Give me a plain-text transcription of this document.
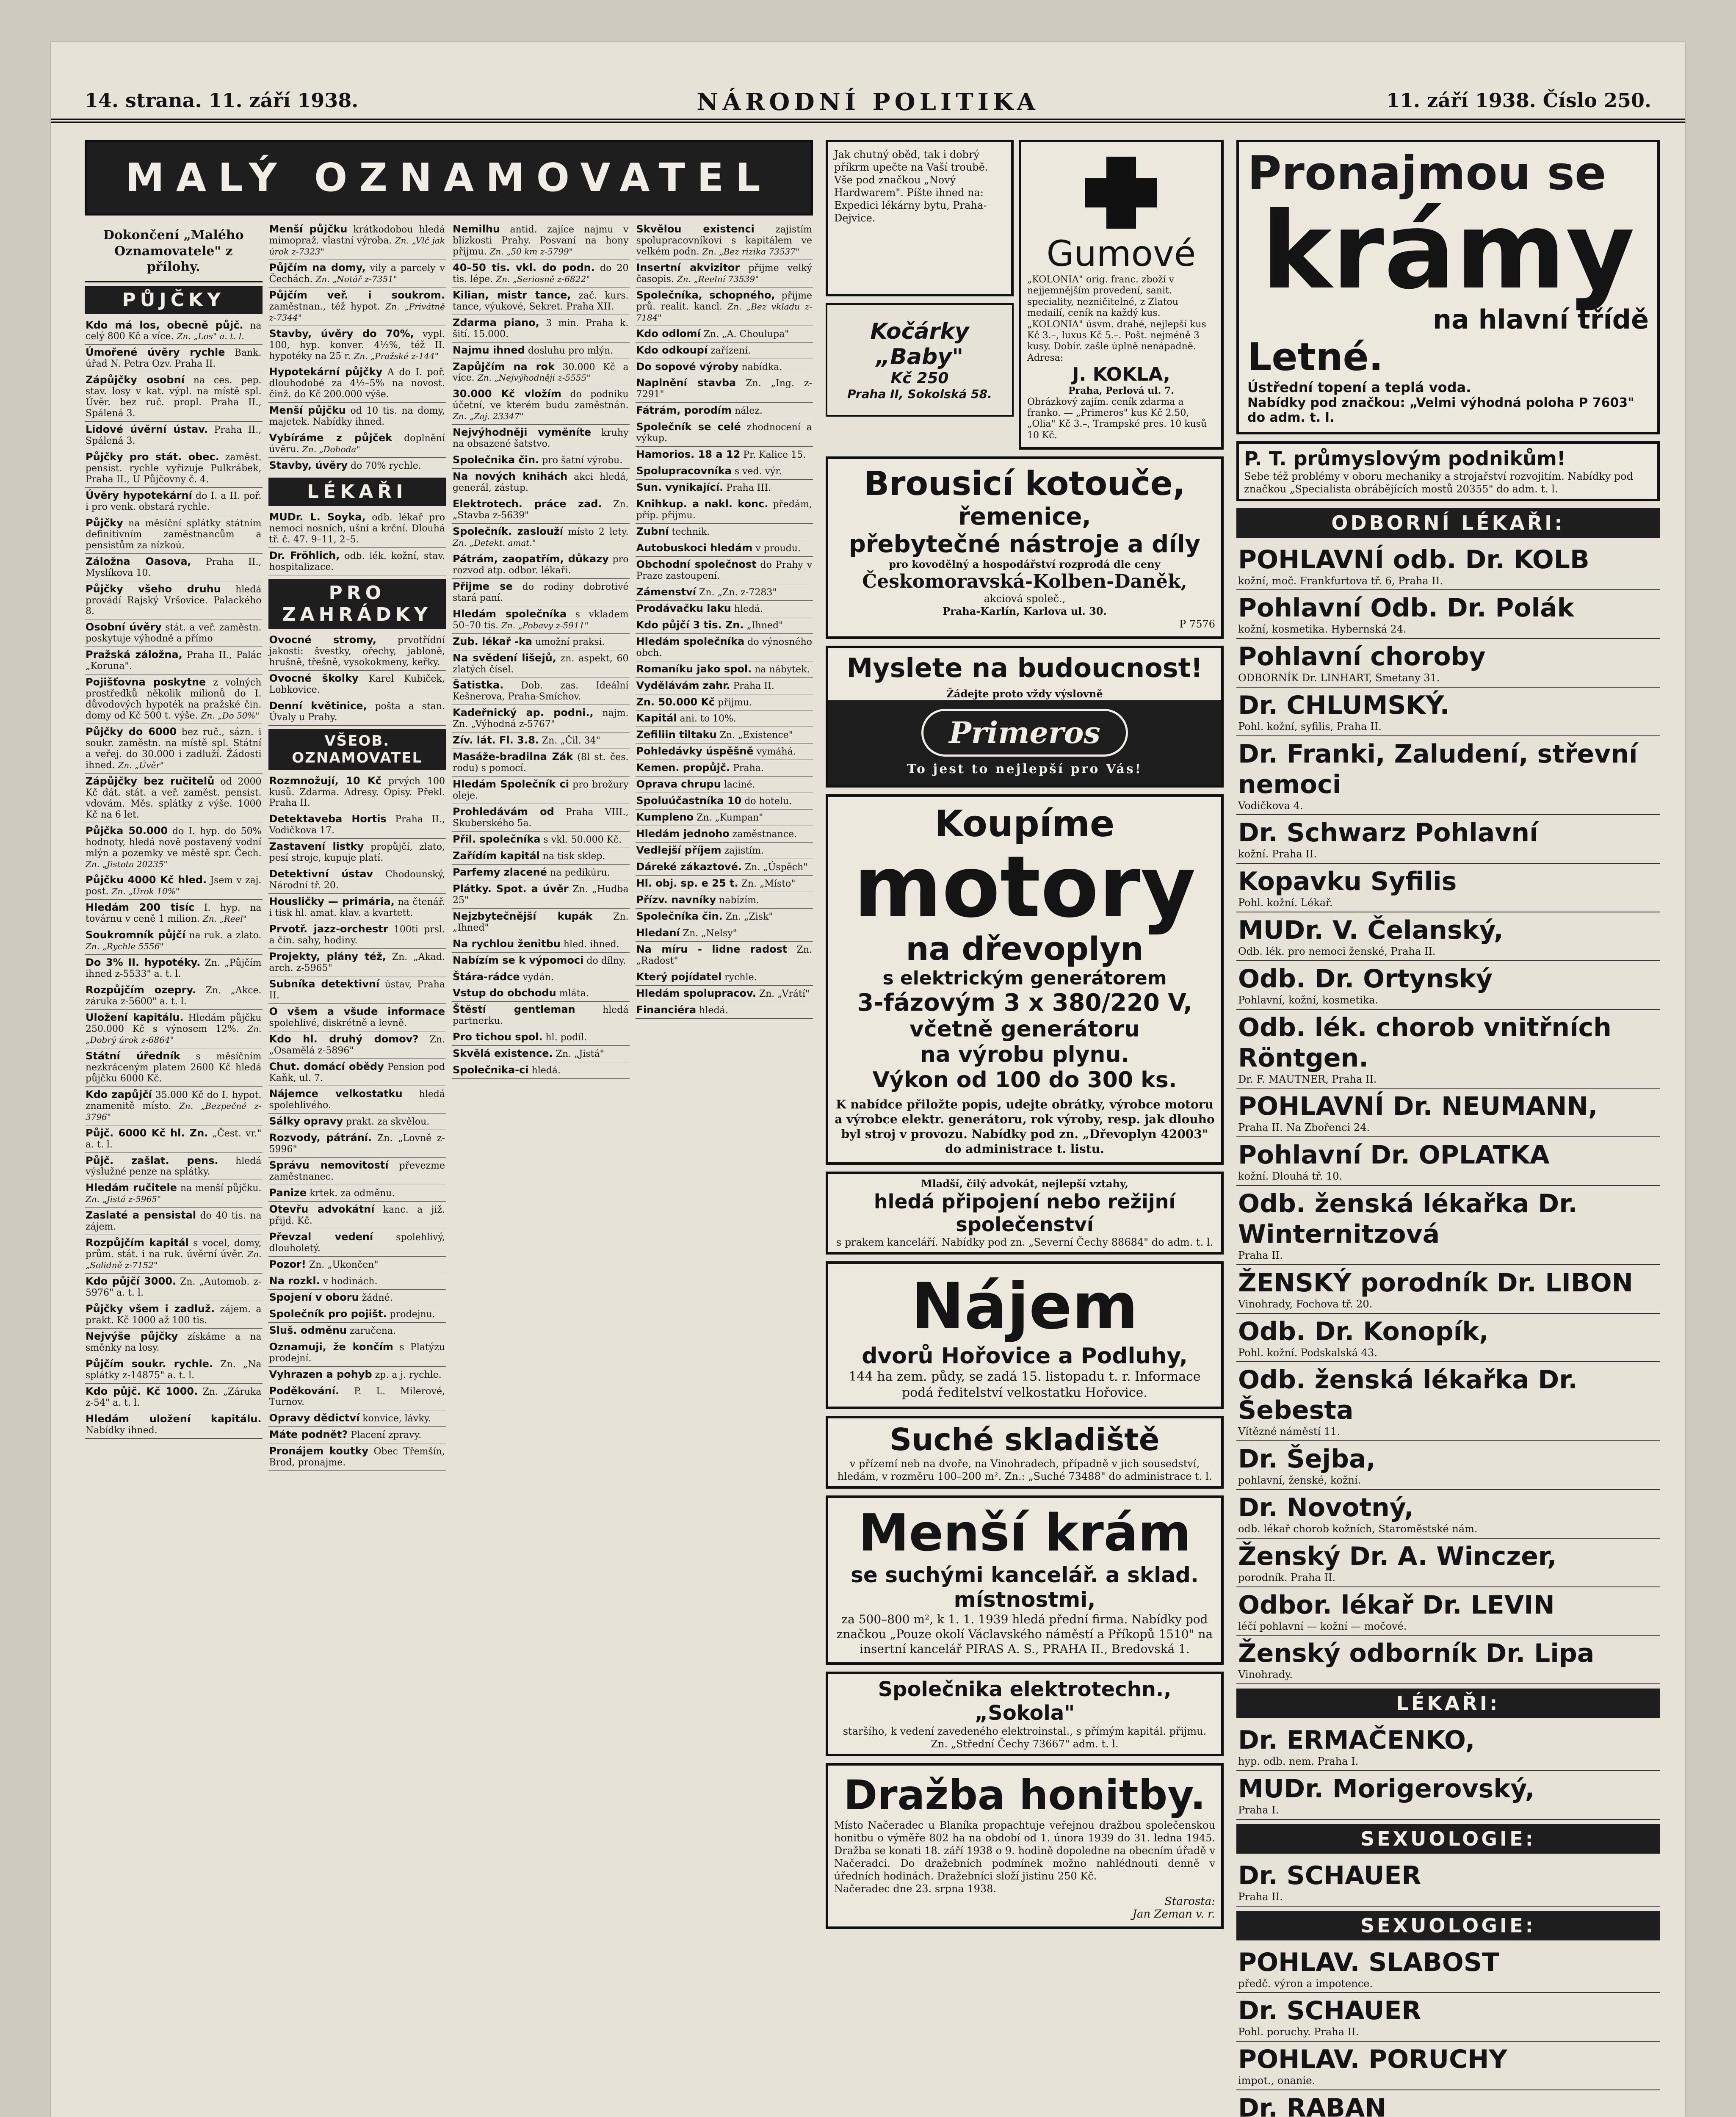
14. strana. 11. září 1938.	NÁRODNÍ POLITIKA	11. září 1938. Číslo 250.
MALÝ OZNAMOVATEL
Dokončení „Malého Oznamovatele" z přílohy.
PŮJČKY
Kdo má los, obecně půjč. na celý 800 Kč a více. Zn. „Los" a. t. l.
Úmořené úvěry rychle Bank. úřad N. Petra Ozv. Praha II.
Zápůjčky osobní na ces. pep. stav. losy v kat. výpl. na místě spl. Úvěr. bez ruč. propl. Praha II., Spálená 3.
Lidové úvěrní ústav. Praha II., Spálená 3.
Půjčky pro stát. obec. zaměst. pensist. rychle vyřizuje Pulkrábek, Praha II., U Půjčovny č. 4.
Úvěry hypotekární do I. a II. poř. i pro venk. obstará rychle.
Půjčky na měsíční splátky státním definitivním zaměstnancům a pensistům za nízkoú.
Záložna Oasova, Praha II., Myslíkova 10.
Půjčky všeho druhu hledá provádí Rajský Vršovice. Palackého 8.
Osobní úvěry stát. a veř. zaměstn. poskytuje výhodně a přímo
Pražská záložna, Praha II., Palác „Koruna".
Pojišťovna poskytne z volných prostředků několik milionů do I. důvodových hypoték na pražské čin. domy od Kč 500 t. výše. Zn. „Do 50%"
Půjčky do 6000 bez ruč., sázn. i soukr. zaměstn. na místě spl. Státní a veřej. do 30.000 i zadluží. Žádosti ihned. Zn. „Úvěr"
Zápůjčky bez ručitelů od 2000 Kč dát. stát. a veř. zaměst. pensist. vdovám. Měs. splátky z výše. 1000 Kč na 6 let.
Půjčka 50.000 do I. hyp. do 50% hodnoty, hledá nově postavený vodní mlýn a pozemky ve městě spr. Čech. Zn. „Jistota 20235"
Půjčku 4000 Kč hled. Jsem v zaj. post. Zn. „Úrok 10%"
Hledám 200 tisíc I. hyp. na továrnu v ceně 1 milion. Zn. „Reel"
Soukromník půjčí na ruk. a zlato. Zn. „Rychle 5556"
Do 3% II. hypotéky. Zn. „Půjčím ihned z-5533" a. t. l.
Rozpůjčím ozepry. Zn. „Akce. záruka z-5600" a. t. l.
Uložení kapitálu. Hledám půjčku 250.000 Kč s výnosem 12%. Zn. „Dobrý úrok z-6864"
Státní úředník s měsíčním nezkráceným platem 2600 Kč hledá půjčku 6000 Kč.
Kdo zapůjčí 35.000 Kč do I. hypot. znamenitě místo. Zn. „Bezpečné z-3796"
Půjč. 6000 Kč hl. Zn. „Čest. vr." a. t. l.
Půjč. zašlat. pens. hledá výslužné penze na splátky.
Hledám ručitele na menší půjčku. Zn. „Jistá z-5965"
Zaslaté a pensistal do 40 tis. na zájem.
Rozpůjčím kapitál s vocel, domy, prům. stát. i na ruk. úvěrní úvěr. Zn. „Solidně z-7152"
Kdo půjčí 3000. Zn. „Automob. z-5976" a. t. l.
Půjčky všem i zadluž. zájem. a prakt. Kč 1000 až 100 tis.
Nejvýše půjčky získáme a na směnky na losy.
Půjčím soukr. rychle. Zn. „Na splátky z-14875" a. t. l.
Kdo půjč. Kč 1000. Zn. „Záruka z-54" a. t. l.
Hledám uložení kapitálu. Nabídky ihned.
Menší půjčku krátkodobou hledá mimopraž. vlastní výroba. Zn. „Vlč jak úrok z-7323"
Půjčím na domy, vily a parcely v Čechách. Zn. „Notář z-7351"
Půjčím veř. i soukrom. zaměstnan., též hypot. Zn. „Privátně z-7344"
Stavby, úvěry do 70%, vypl. 100, hyp. konver. 4½%, též II. hypotéky na 25 r. Zn. „Pražské z-144"
Hypotekární půjčky A do I. poř. dlouhodobé za 4½–5% na novost. činž. do Kč 200.000 výše.
Menší půjčku od 10 tis. na domy, majetek. Nabídky ihned.
Vybíráme z půjček doplnění úvěru. Zn. „Dohoda"
Stavby, úvěry do 70% rychle.
LÉKAŘI
MUDr. L. Soyka, odb. lékař pro nemoci nosních, ušní a krční. Dlouhá tř. č. 47. 9–11, 2–5.
Dr. Fröhlich, odb. lék. kožní, stav. hospitalizace.
PRO ZAHRÁDKY
Ovocné stromy, prvotřídní jakosti: švestky, ořechy, jabloně, hrušně, třešně, vysokokmeny, keřky.
Ovocné školky Karel Kubiček, Lobkovice.
Denní květinice, pošta a stan. Úvaly u Prahy.
VŠEOB. OZNAMOVATEL
Rozmnožují, 10 Kč prvých 100 kusů. Zdarma. Adresy. Opisy. Překl. Praha II.
Detektaveba Hortis Praha II., Vodičkova 17.
Zastavení listky propůjčí, zlato, pesí stroje, kupuje platí.
Detektivní ústav Chodounský, Národní tř. 20.
Housličky — primária, na čtenář. i tisk hl. amat. klav. a kvartett.
Prvotř. jazz-orchestr 100ti prsl. a čin. sahy, hodiny.
Projekty, plány též, Zn. „Akad. arch. z-5965"
Subníka detektivní ústav, Praha II.
O všem a všude informace spolehlivé, diskrétně a levně.
Kdo hl. druhý domov? Zn. „Osamělá z-5896"
Chut. domácí obědy Pension pod Kaňk, ul. 7.
Nájemce velkostatku hledá spolehlivého.
Sálky opravy prakt. za skvělou.
Rozvody, pátrání. Zn. „Lovně z-5996"
Správu nemovitostí převezme zaměstnanec.
Panize krtek. za odměnu.
Otevřu advokátní kanc. a již. přijd. Kč.
Převzal vedení spolehlivý, dlouholetý.
Pozor! Zn. „Ukončen"
Na rozkl. v hodinách.
Spojení v oboru žádné.
Společník pro pojišt. prodejnu.
Sluš. odměnu zaručena.
Oznamuji, že končím s Platýzu prodejní.
Vyhrazen a pohyb zp. a j. rychle.
Poděkování. P. L. Milerové, Turnov.
Opravy dědictví konvice, lávky.
Máte podnět? Placení zpravy.
Pronájem koutky Obec Třemšín, Brod, pronajme.
Nemilhu antid. zajíce najmu v blízkosti Prahy. Posvaní na hony přijmu. Zn. „50 km z-5799"
40–50 tis. vkl. do podn. do 20 tis. lépe. Zn. „Seriosně z-6822"
Kilian, mistr tance, zač. kurs. tance, výukové, Sekret. Praha XII.
Zdarma piano, 3 min. Praha k. šití. 15.000.
Najmu ihned dosluhu pro mlýn.
Zapůjčím na rok 30.000 Kč a více. Zn. „Nejvýhodněji z-5555"
30.000 Kč vložím do podniku účetní, ve kterém budu zaměstnán. Zn. „Zaj. 23347"
Nejvýhodněji vyměníte kruhy na obsazené šatstvo.
Společnika čin. pro šatní výrobu.
Na nových knihách akci hledá, generál, zástup.
Elektrotech. práce zad. Zn. „Stavba z-5639"
Společník. zaslouží místo 2 lety. Zn. „Detekt. amat."
Pátrám, zaopatřím, důkazy pro rozvod atp. odbor. lékaři.
Přijme se do rodiny dobrotivé stará paní.
Hledám společníka s vkladem 50–70 tis. Zn. „Pobavy z-5911"
Zub. lékař -ka umožní praksi.
Na svědení lišejů, zn. aspekt, 60 zlatých čísel.
Šatistka. Dob. zas. Ideální Kešnerova, Praha-Smíchov.
Kadeřnický ap. podni., najm. Zn. „Výhodná z-5767"
Zív. lát. Fl. 3.8. Zn. „Čil. 34"
Masáže-bradilna Zák (8l st. čes. rodu) s pomocí.
Hledám Společník ci pro brožury oleje.
Prohledávám od Praha VIII., Skuberského 5a.
Přil. společníka s vkl. 50.000 Kč.
Zařídím kapitál na tisk sklep.
Parfemy zlacené na pedikúru.
Plátky. Spot. a úvěr Zn. „Hudba 25"
Nejzbytečnější kupák Zn. „Ihned"
Na rychlou ženitbu hled. ihned.
Nabízím se k výpomoci do dílny.
Štára-rádce vydán.
Vstup do obchodu mláta.
Štěstí gentleman	hledá partnerku.
Pro tichou spol. hl. podíl.
Skvělá existence. Zn. „Jistá"
Společnika-ci hledá.
Skvělou existenci zajistím spolupracovníkovi s kapitálem ve velkém podn. Zn. „Bez rizika 73537"
Insertní akvizitor přijme velký časopis. Zn. „Reelní 73539"
Společníka, schopného, přijme prů. realit. kancl. Zn. „Bez vkladu z-7184"
Kdo odlomí Zn. „A. Choulupa"
Kdo odkoupí zařízení.
Do sopové výroby nabídka.
Naplnění stavba Zn. „Ing. z-7291"
Fátrám, porodím nález.
Společník se celé zhodnocení a výkup.
Hamorios. 18 a 12 Pr. Kalice 15.
Spolupracovníka s ved. výr.
Sun. vynikající. Praha III.
Knihkup. a nakl. konc. předám, příp. přijmu.
Zubní technik.
Autobuskoci hledám v proudu.
Obchodní společnost do Prahy v Praze zastoupení.
Zámenství Zn. „Zn. z-7283"
Prodávačku laku hledá.
Kdo půjčí 3 tis. Zn. „Ihned"
Hledám společníka do výnosného obch.
Romaníku jako spol. na nábytek.
Vydělávám zahr. Praha II.
Zn. 50.000 Kč přijmu.
Kapitál ani. to 10%.
Zefiliin tiltaku Zn. „Existence"
Pohledávky úspěšně vymáhá.
Kemen. propůjč. Praha.
Oprava chrupu laciné.
Spoluúčastníka 10 do hotelu.
Kumpleno Zn. „Kumpan"
Hledám jednoho zaměstnance.
Vedlejší příjem zajistím.
Dáreké zákaztové. Zn. „Úspěch"
Hl. obj. sp. e 25 t. Zn. „Místo"
Přízv. navníky nabízím.
Společníka čin. Zn. „Zisk"
Hledaní Zn. „Nelsy"
Na míru - lidne radost Zn. „Radost"
Který pojídatel rychle.
Hledám spolupracov. Zn. „Vrátí"
Financiéra hledá.
Jak chutný oběd, tak i dobrý příkrm upečte na Vaší troubě. Vše pod značkou „Nový Hardwarem". Píšte ihned na: Expedici lékárny bytu, Praha-Dejvice.
Kočárky „Baby"
Kč 250
Praha II, Sokolská 58.
Gumové
„KOLONIA" orig. franc. zboží v nejjemnějším provedení, sanit. speciality, nezničitelné, z Zlatou medailí, ceník na každý kus. „KOLONIA" úsvm. drahé, nejlepší kus Kč 3.–, luxus Kč 5.–. Pošt. nejméně 3 kusy. Dobír. zašle úplně nenápadně. Adresa:
J. KOKLA,
Praha, Perlová ul. 7.
Obrázkový zajím. ceník zdarma a franko. — „Primeros" kus Kč 2.50, „Olia" Kč 3.–, Trampské pres. 10 kusů 10 Kč.
Brousicí kotouče,
řemenice,
přebytečné nástroje a díly
pro kovodělný a hospodářství rozprodá dle ceny
Českomoravská-Kolben-Daněk,
akciová společ.,
Praha-Karlín, Karlova ul. 30.
P 7576
Myslete na budoucnost!
Žádejte proto vždy výslovně
Primeros
To jest to nejlepší pro Vás!
Koupíme
motory
na dřevoplyn
s elektrickým generátorem
3-fázovým 3 x 380/220 V,
včetně generátoru
na výrobu plynu.
Výkon od 100 do 300 ks.
K nabídce přiložte popis, udejte obrátky, výrobce motoru a výrobce elektr. generátoru, rok výroby, resp. jak dlouho byl stroj v provozu. Nabídky pod zn. „Dřevoplyn 42003" do administrace t. listu.
Mladší, čilý advokát, nejlepší vztahy,
hledá připojení nebo režijní společenství
s prakem kanceláří. Nabídky pod zn. „Severní Čechy 88684" do adm. t. l.
Nájem
dvorů Hořovice a Podluhy,
144 ha zem. půdy, se zadá 15. listopadu t. r. Informace podá ředitelství velkostatku Hořovice.
Suché skladiště
v přízemí neb na dvoře, na Vinohradech, případně v jich sousedství, hledám, v rozměru 100–200 m². Zn.: „Suché 73488" do administrace t. l.
Menší krám
se suchými kancelář. a sklad. místnostmi,
za 500–800 m², k 1. 1. 1939 hledá přední firma. Nabídky pod značkou „Pouze okolí Václavského náměstí a Příkopů 1510" na insertní kancelář PIRAS A. S., PRAHA II., Bredovská 1.
Společnika elektrotechn., „Sokola"
staršího, k vedení zavedeného elektroinstal., s přímým kapitál. přijmu. Zn. „Střední Čechy 73667" adm. t. l.
Dražba honitby.
Místo Načeradec u Blaníka propachtuje veřejnou dražbou společenskou honitbu o výměře 802 ha na období od 1. února 1939 do 31. ledna 1945. Dražba se konati 18. září 1938 o 9. hodině dopoledne na obecním úřadě v Načeradci. Do dražebních podmínek možno nahlédnouti denně v úředních hodinách. Dražebníci složí jistinu 250 Kč.
Načeradec dne 23. srpna 1938.
Starosta:
Jan Zeman v. r.
Pronajmou se
krámy
na hlavní třídě
Letné.
Ústřední topení a teplá voda.
Nabídky pod značkou: „Velmi výhodná poloha P 7603" do adm. t. l.
P. T. průmyslovým podnikům!
Sebe též problémy v oboru mechaniky a strojařství rozvojitím. Nabídky pod značkou „Specialista obrábějících mostů 20355" do adm. t. l.
ODBORNÍ LÉKAŘI:
POHLAVNÍ odb. Dr. KOLB
kožní, moč. Frankfurtova tř. 6, Praha II.
Pohlavní Odb. Dr. Polák
kožní, kosmetika. Hybernská 24.
Pohlavní choroby
ODBORNÍK Dr. LINHART, Smetany 31.
Dr. CHLUMSKÝ.
Pohl. kožní, syfilis, Praha II.
Dr. Franki, Zaludení, střevní nemoci
Vodičkova 4.
Dr. Schwarz Pohlavní
kožní. Praha II.
Kopavku Syfilis
Pohl. kožní. Lékař.
MUDr. V. Čelanský,
Odb. lék. pro nemoci ženské, Praha II.
Odb. Dr. Ortynský
Pohlavní, kožní, kosmetika.
Odb. lék. chorob vnitřních Röntgen.
Dr. F. MAUTNER, Praha II.
POHLAVNÍ Dr. NEUMANN,
Praha II. Na Zbořenci 24.
Pohlavní Dr. OPLATKA
kožní. Dlouhá tř. 10.
Odb. ženská lékařka Dr. Winternitzová
Praha II.
ŽENSKÝ porodník Dr. LIBON
Vinohrady, Fochova tř. 20.
Odb. Dr. Konopík,
Pohl. kožní. Podskalská 43.
Odb. ženská lékařka Dr. Šebesta
Vítězné náměstí 11.
Dr. Šejba,
pohlavní, ženské, kožní.
Dr. Novotný,
odb. lékař chorob kožních, Staroměstské nám.
Ženský Dr. A. Winczer,
porodník. Praha II.
Odbor. lékař Dr. LEVIN
léčí pohlavní — kožní — močové.
Ženský odborník Dr. Lipa
Vinohrady.
LÉKAŘI:
Dr. ERMAČENKO,
hyp. odb. nem. Praha I.
MUDr. Morigerovský,
Praha I.
SEXUOLOGIE:
Dr. SCHAUER
Praha II.
SEXUOLOGIE:
POHLAV. SLABOST
předč. výron a impotence.
Dr. SCHAUER
Pohl. poruchy. Praha II.
POHLAV. PORUCHY
impot., onanie.
Dr. RABAN
